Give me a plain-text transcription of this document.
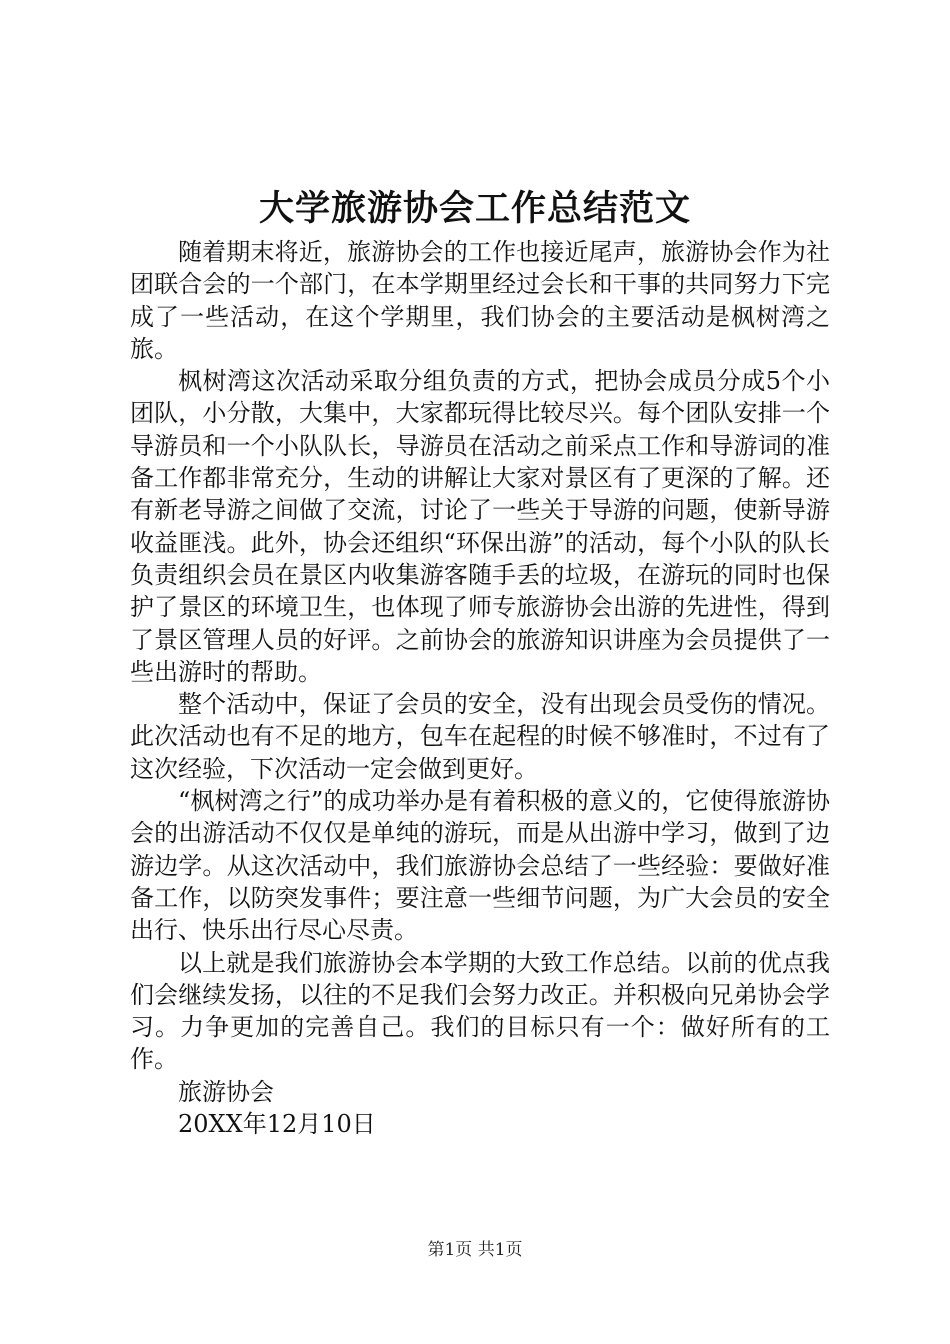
大学旅游协会工作总结范文

随着期末将近，旅游协会的工作也接近尾声，旅游协会作为社团联合会的一个部门，在本学期里经过会长和干事的共同努力下完成了一些活动，在这个学期里，我们协会的主要活动是枫树湾之旅。

枫树湾这次活动采取分组负责的方式，把协会成员分成5个小团队，小分散，大集中，大家都玩得比较尽兴。每个团队安排一个导游员和一个小队队长，导游员在活动之前采点工作和导游词的准备工作都非常充分，生动的讲解让大家对景区有了更深的了解。还有新老导游之间做了交流，讨论了一些关于导游的问题，使新导游收益匪浅。此外，协会还组织“环保出游”的活动，每个小队的队长负责组织会员在景区内收集游客随手丢的垃圾，在游玩的同时也保护了景区的环境卫生，也体现了师专旅游协会出游的先进性，得到了景区管理人员的好评。之前协会的旅游知识讲座为会员提供了一些出游时的帮助。

整个活动中，保证了会员的安全，没有出现会员受伤的情况。此次活动也有不足的地方，包车在起程的时候不够准时，不过有了这次经验，下次活动一定会做到更好。

“枫树湾之行”的成功举办是有着积极的意义的，它使得旅游协会的出游活动不仅仅是单纯的游玩，而是从出游中学习，做到了边游边学。从这次活动中，我们旅游协会总结了一些经验：要做好准备工作，以防突发事件；要注意一些细节问题，为广大会员的安全出行、快乐出行尽心尽责。

以上就是我们旅游协会本学期的大致工作总结。以前的优点我们会继续发扬，以往的不足我们会努力改正。并积极向兄弟协会学习。力争更加的完善自己。我们的目标只有一个：做好所有的工作。

旅游协会

20XX年12月10日

第1页 共1页
